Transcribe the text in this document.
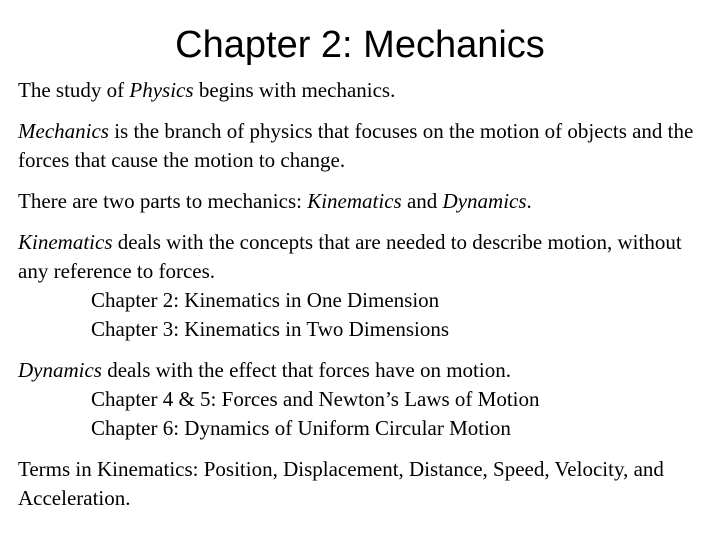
Chapter 2: Mechanics

The study of Physics begins with mechanics.

Mechanics is the branch of physics that focuses on the motion of objects and the forces that cause the motion to change.

There are two parts to mechanics: Kinematics and Dynamics.

Kinematics deals with the concepts that are needed to describe motion, without any reference to forces.
Chapter 2: Kinematics in One Dimension
Chapter 3: Kinematics in Two Dimensions

Dynamics deals with the effect that forces have on motion.
Chapter 4 & 5: Forces and Newton’s Laws of Motion
Chapter 6: Dynamics of Uniform Circular Motion

Terms in Kinematics: Position, Displacement, Distance, Speed, Velocity, and Acceleration.
